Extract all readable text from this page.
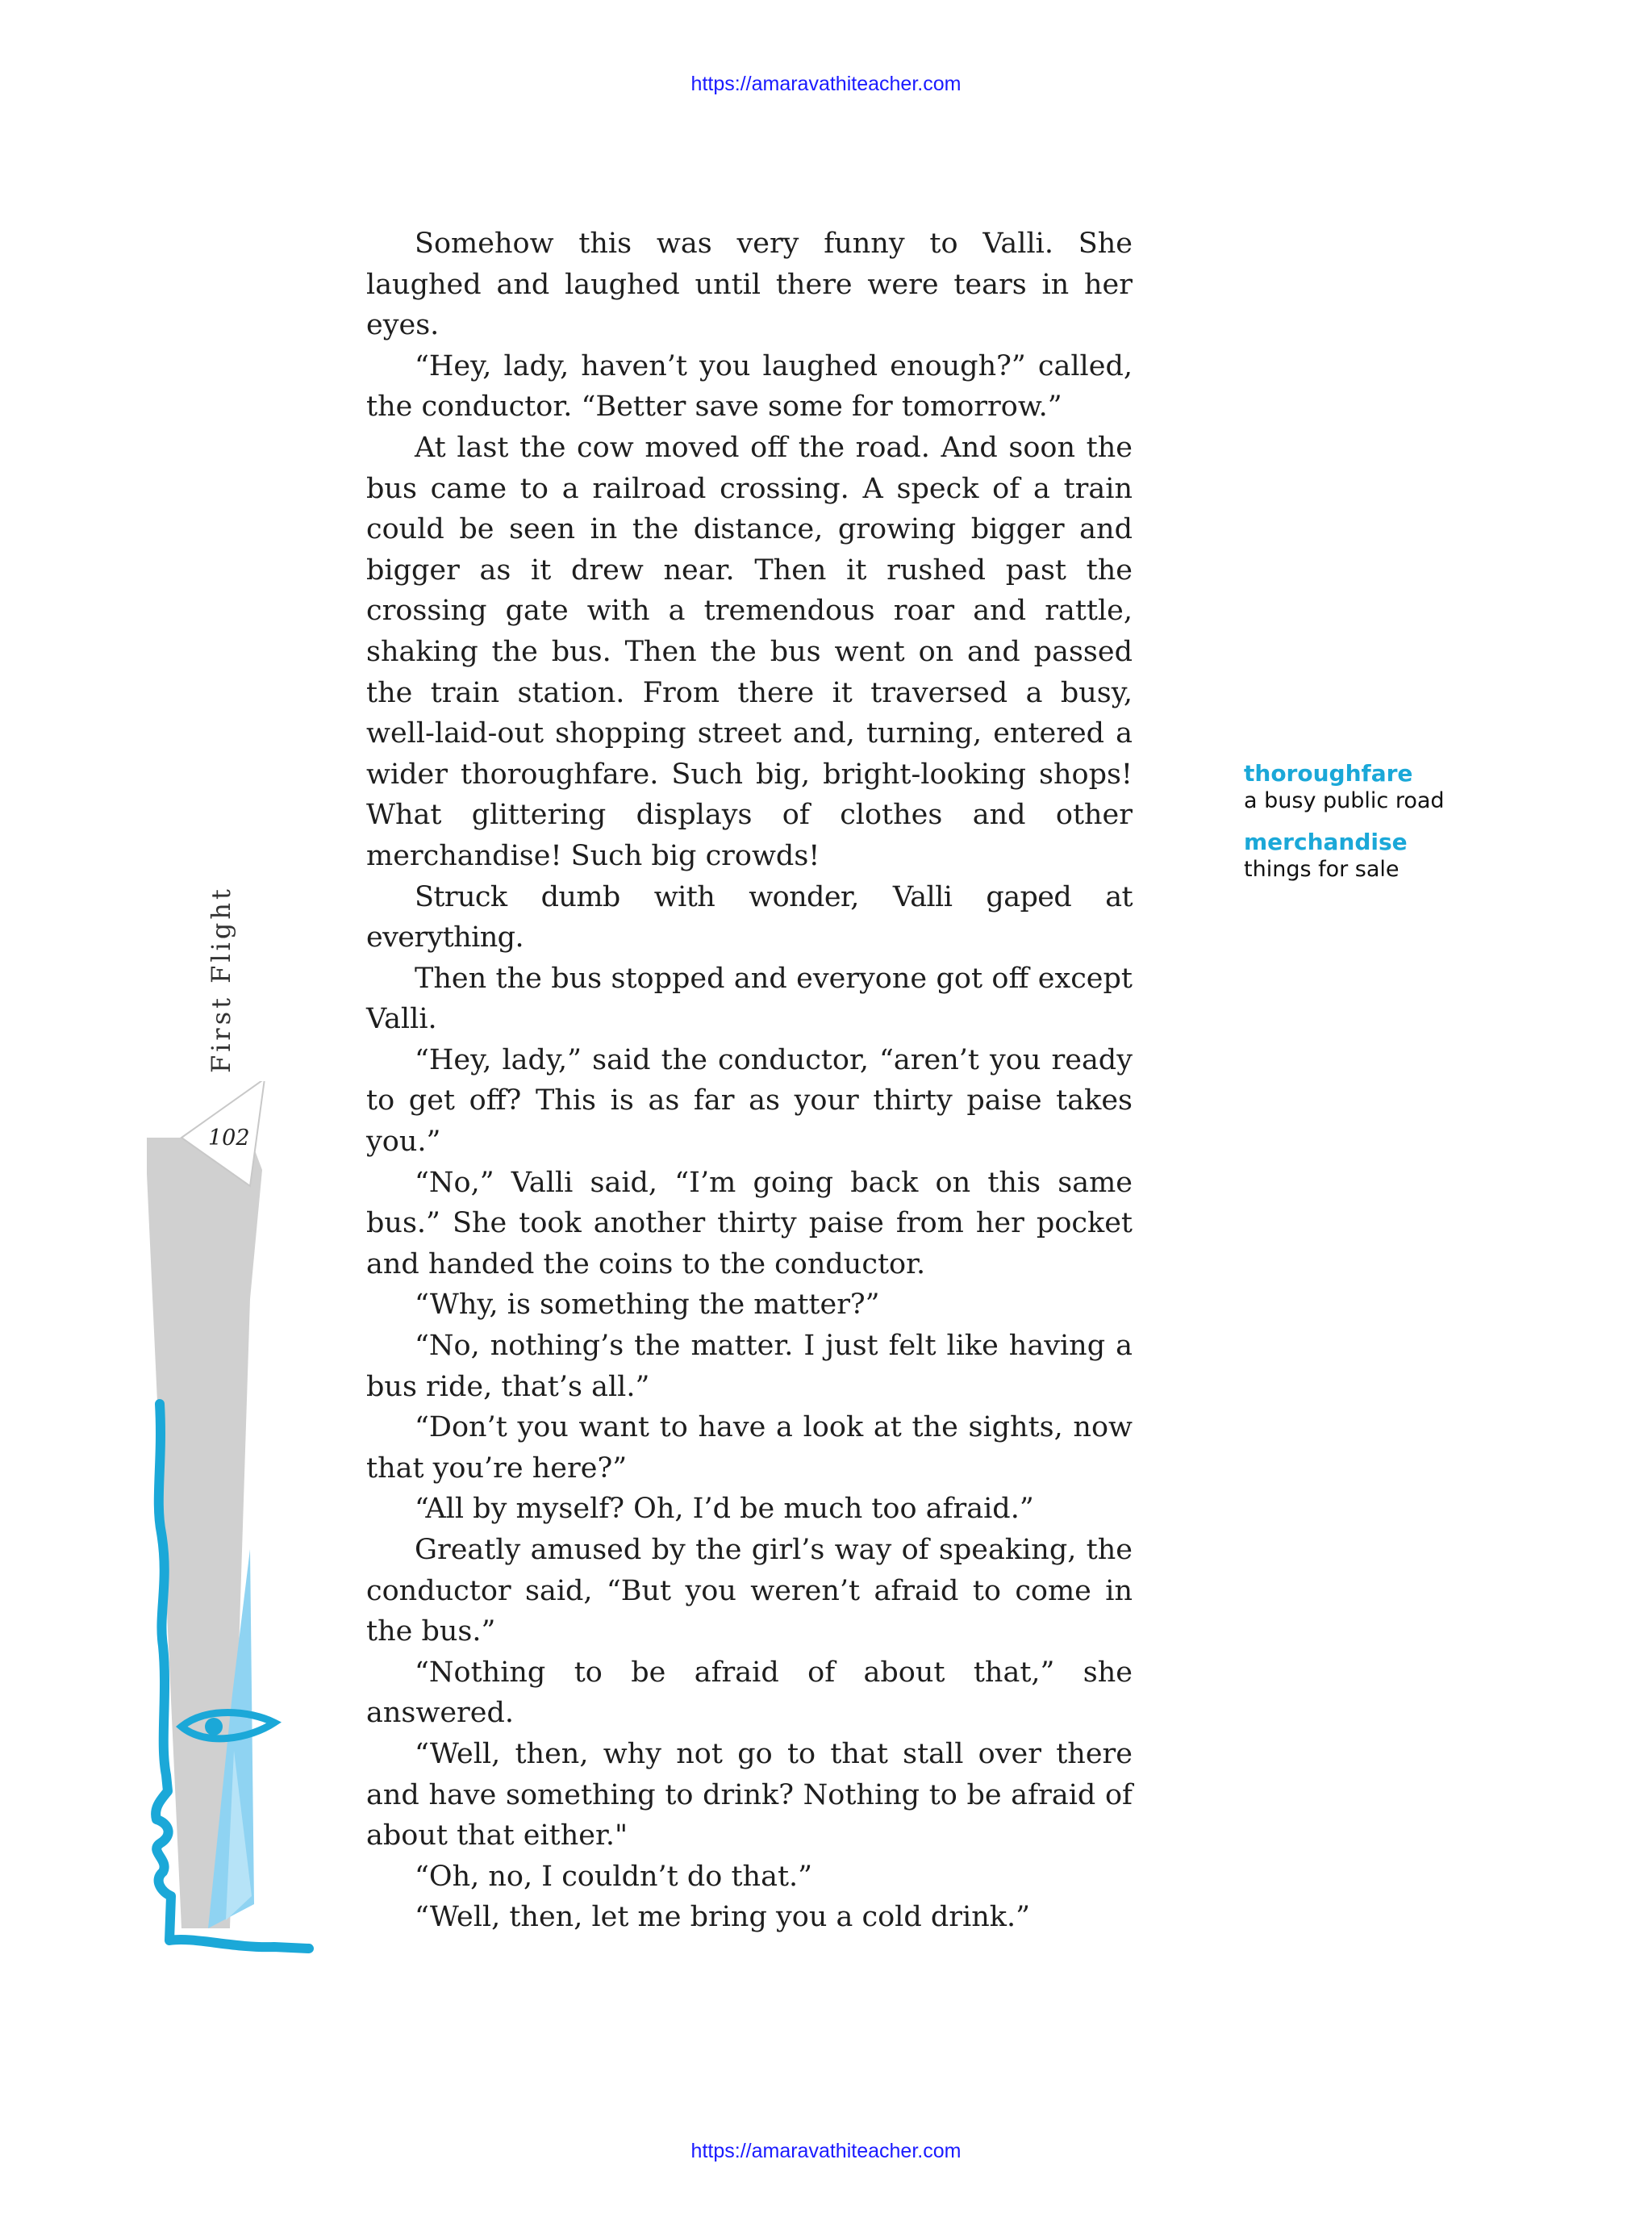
https://amaravathiteacher.com

Somehow this was very funny to Valli. She laughed and laughed until there were tears in her eyes.

“Hey, lady, haven’t you laughed enough?” called, the conductor. “Better save some for tomorrow.”

At last the cow moved off the road. And soon the bus came to a railroad crossing. A speck of a train could be seen in the distance, growing bigger and bigger as it drew near. Then it rushed past the crossing gate with a tremendous roar and rattle, shaking the bus. Then the bus went on and passed the train station. From there it traversed a busy, well-laid-out shopping street and, turning, entered a wider thoroughfare. Such big, bright-looking shops! What glittering displays of clothes and other merchandise! Such big crowds!

Struck dumb with wonder, Valli gaped at everything.

Then the bus stopped and everyone got off except Valli.

“Hey, lady,” said the conductor, “aren’t you ready to get off? This is as far as your thirty paise takes you.”

“No,” Valli said, “I’m going back on this same bus.” She took another thirty paise from her pocket and handed the coins to the conductor.

“Why, is something the matter?”

“No, nothing’s the matter. I just felt like having a bus ride, that’s all.”

“Don’t you want to have a look at the sights, now that you’re here?”

“All by myself? Oh, I’d be much too afraid.”

Greatly amused by the girl’s way of speaking, the conductor said, “But you weren’t afraid to come in the bus.”

“Nothing to be afraid of about that,” she answered.

“Well, then, why not go to that stall over there and have something to drink? Nothing to be afraid of about that either."

“Oh, no, I couldn’t do that.”

“Well, then, let me bring you a cold drink.”

thoroughfare
a busy public road
merchandise
things for sale
First Flight
102
https://amaravathiteacher.com
